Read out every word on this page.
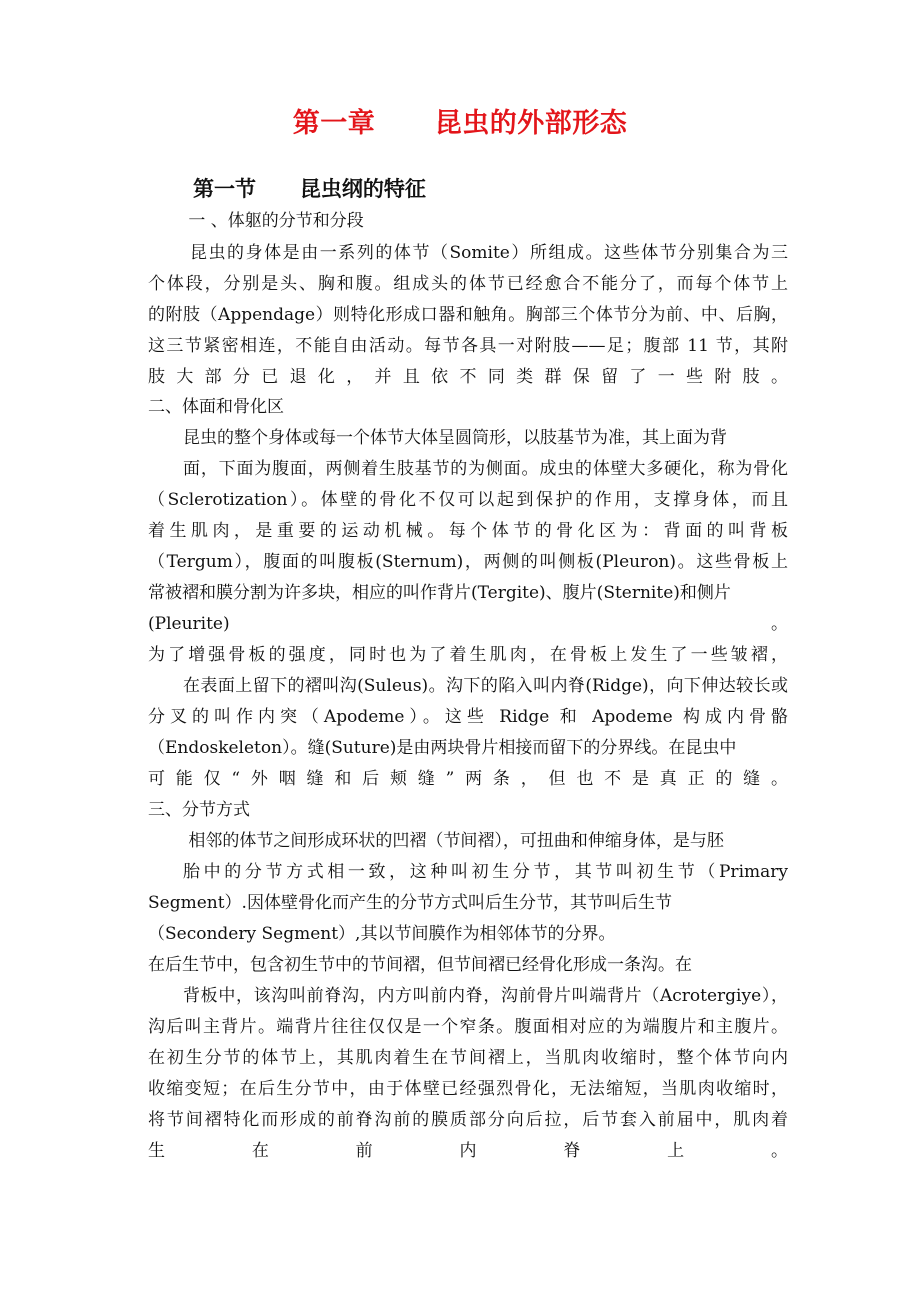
第一章      昆虫的外部形态
第一节      昆虫纲的特征
一 、体躯的分节和分段
昆虫的身体是由一系列的体节（Somite）所组成。这些体节分别集合为三
个体段，分别是头、胸和腹。组成头的体节已经愈合不能分了，而每个体节上
的附肢（Appendage）则特化形成口器和触角。胸部三个体节分为前、中、后胸，
这三节紧密相连，不能自由活动。每节各具一对附肢——足；腹部 11 节，其附
肢大部分已退化，并且依不同类群保留了一些附肢。
二、体面和骨化区
昆虫的整个身体或每一个体节大体呈圆筒形，以肢基节为准，其上面为背
面，下面为腹面，两侧着生肢基节的为侧面。成虫的体壁大多硬化，称为骨化
（Sclerotization）。体壁的骨化不仅可以起到保护的作用，支撑身体，而且
着生肌肉，是重要的运动机械。每个体节的骨化区为：背面的叫背板
（Tergum），腹面的叫腹板(Sternum)，两侧的叫侧板(Pleuron)。这些骨板上
常被褶和膜分割为许多块，相应的叫作背片(Tergite)、腹片(Sternite)和侧片
(Pleurite)。
为了增强骨板的强度，同时也为了着生肌肉，在骨板上发生了一些皱褶，
在表面上留下的褶叫沟(Suleus)。沟下的陷入叫内脊(Ridge)，向下伸达较长或
分叉的叫作内突（Apodeme）。这些 Ridge 和 Apodeme 构成内骨骼
（Endoskeleton）。缝(Suture)是由两块骨片相接而留下的分界线。在昆虫中
可能仅“外咽缝和后颊缝”两条，但也不是真正的缝。
三、分节方式
相邻的体节之间形成环状的凹褶（节间褶），可扭曲和伸缩身体，是与胚
胎中的分节方式相一致，这种叫初生分节，其节叫初生节（Primary
Segment）.因体壁骨化而产生的分节方式叫后生分节，其节叫后生节
（Secondery Segment）,其以节间膜作为相邻体节的分界。
在后生节中，包含初生节中的节间褶，但节间褶已经骨化形成一条沟。在
背板中，该沟叫前脊沟，内方叫前内脊，沟前骨片叫端背片（Acrotergiye），
沟后叫主背片。端背片往往仅仅是一个窄条。腹面相对应的为端腹片和主腹片。
在初生分节的体节上，其肌肉着生在节间褶上，当肌肉收缩时，整个体节向内
收缩变短；在后生分节中，由于体壁已经强烈骨化，无法缩短，当肌肉收缩时，
将节间褶特化而形成的前脊沟前的膜质部分向后拉，后节套入前届中，肌肉着
生在前内脊上。
